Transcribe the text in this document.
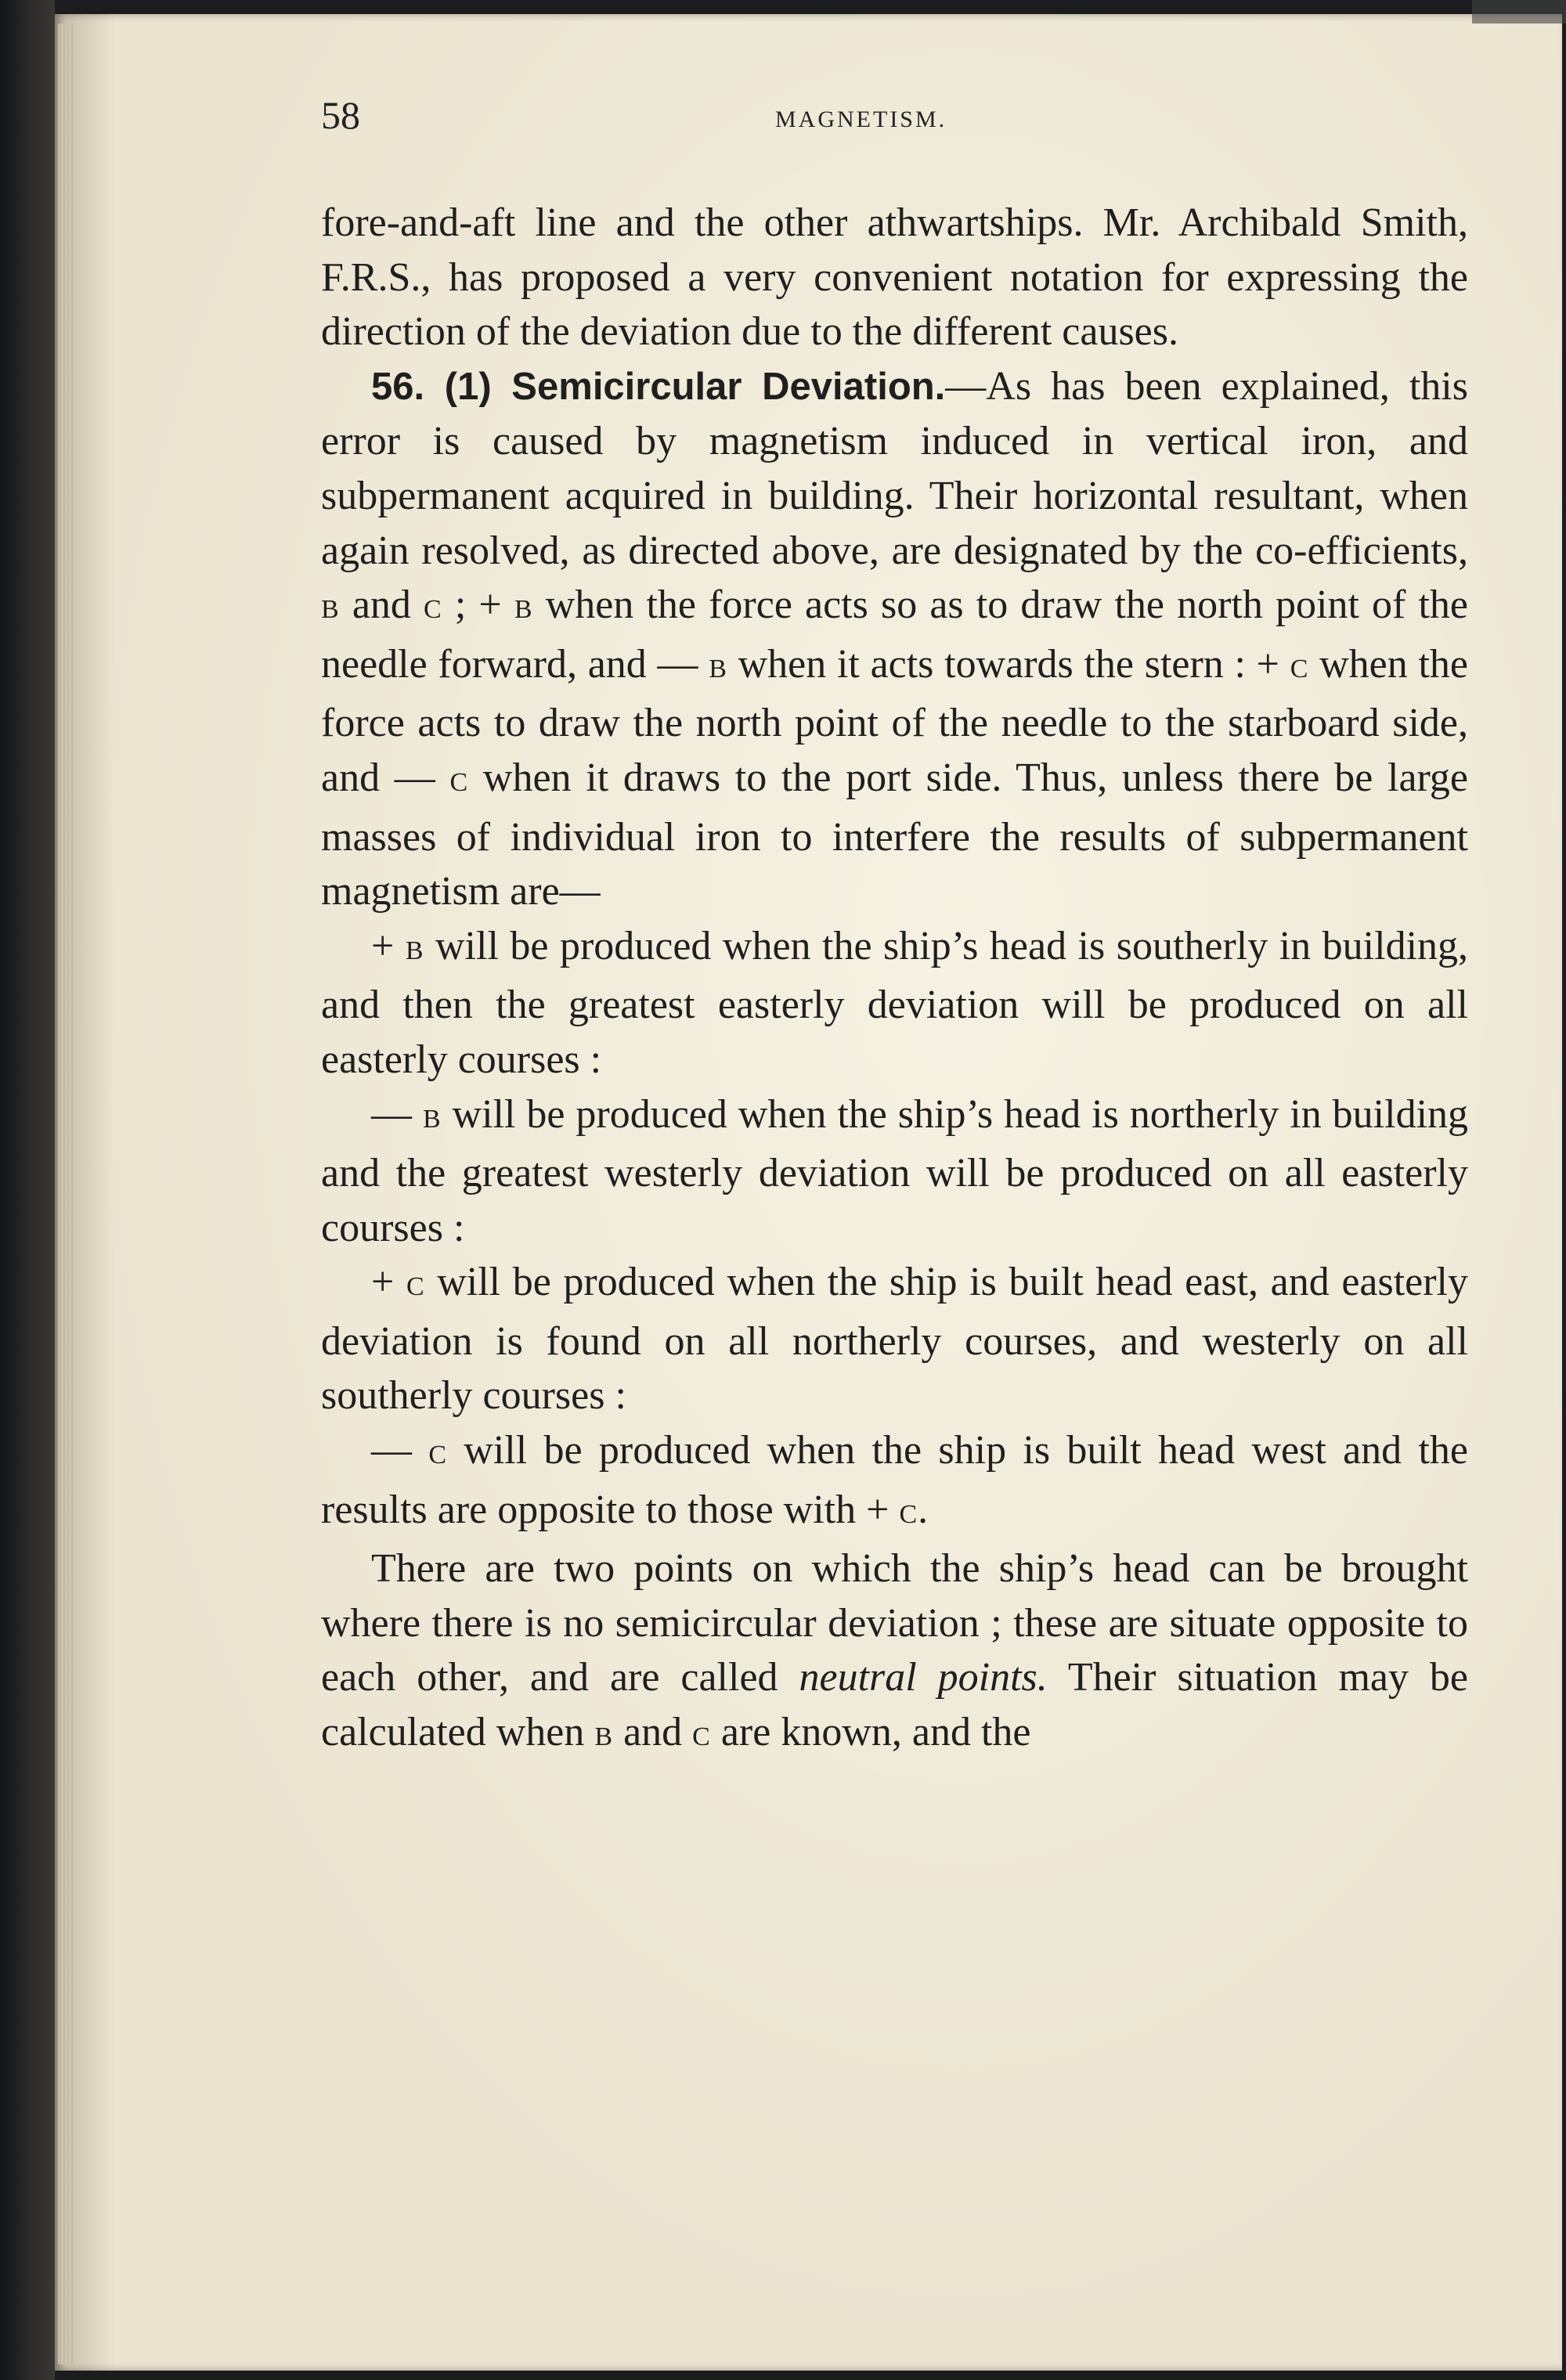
58	MAGNETISM.

fore-and-aft line and the other athwartships. Mr. Archibald Smith, F.R.S., has proposed a very convenient notation for expressing the direction of the deviation due to the different causes.

56. (1) Semicircular Deviation.—As has been explained, this error is caused by magnetism induced in vertical iron, and subpermanent acquired in building. Their horizontal resultant, when again resolved, as directed above, are designated by the co-efficients, B and C ; + B when the force acts so as to draw the north point of the needle forward, and — B when it acts towards the stern : + C when the force acts to draw the north point of the needle to the starboard side, and — C when it draws to the port side. Thus, unless there be large masses of individual iron to interfere the results of subpermanent magnetism are—

+ B will be produced when the ship’s head is southerly in building, and then the greatest easterly deviation will be produced on all easterly courses :

— B will be produced when the ship’s head is northerly in building and the greatest westerly deviation will be produced on all easterly courses :

+ C will be produced when the ship is built head east, and easterly deviation is found on all northerly courses, and westerly on all southerly courses :

— C will be produced when the ship is built head west and the results are opposite to those with + C.

There are two points on which the ship’s head can be brought where there is no semicircular deviation ; these are situate opposite to each other, and are called neutral points. Their situation may be calculated when B and C are known, and the
